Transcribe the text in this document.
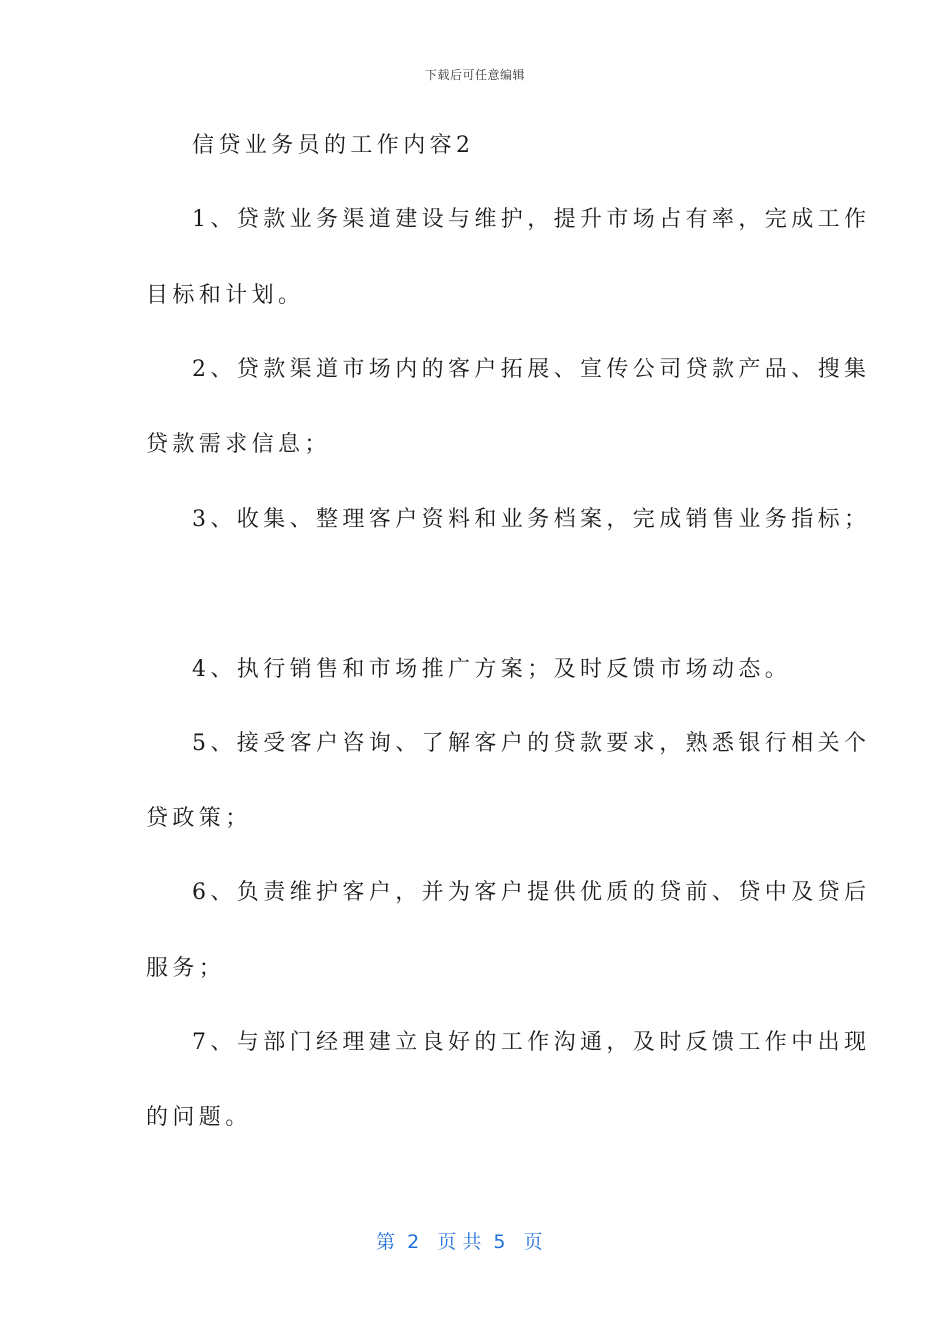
下载后可任意编辑
信贷业务员的工作内容2
1、贷款业务渠道建设与维护，提升市场占有率，完成工作
目标和计划。
2、贷款渠道市场内的客户拓展、宣传公司贷款产品、搜集
贷款需求信息；
3、收集、整理客户资料和业务档案，完成销售业务指标；
4、执行销售和市场推广方案；及时反馈市场动态。
5、接受客户咨询、了解客户的贷款要求，熟悉银行相关个
贷政策；
6、负责维护客户，并为客户提供优质的贷前、贷中及贷后
服务；
7、与部门经理建立良好的工作沟通，及时反馈工作中出现
的问题。
第  2   页 共  5   页
